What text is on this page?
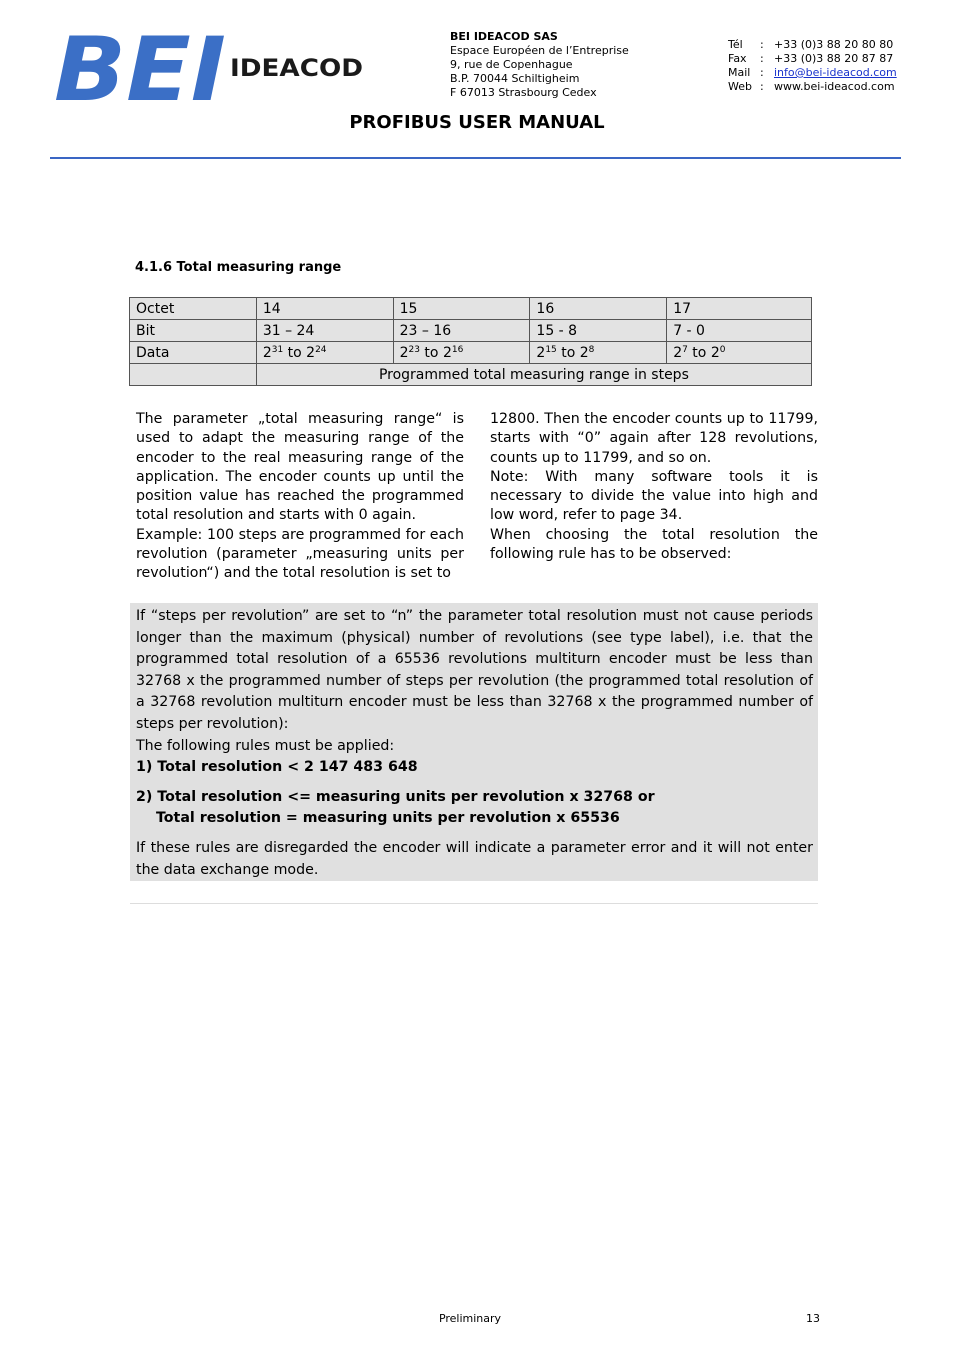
BEI IDEACOD
BEI IDEACOD SAS
Espace Européen de l’Entreprise
9, rue de Copenhague
B.P. 70044 Schiltigheim
F 67013 Strasbourg Cedex
Tél	: +33 (0)3 88 20 80 80
Fax	: +33 (0)3 88 20 87 87
Mail : info@bei-ideacod.com
Web : www.bei-ideacod.com
PROFIBUS USER MANUAL
4.1.6 Total measuring range
Octet	14	15	16	17
Bit	31 – 24	23 – 16	15 - 8	7 - 0
Data	$2^{31}$ to $2^{24}$	$2^{23}$ to $2^{16}$	$2^{15}$ to $2^8$	$2^7$ to $2^0$
	Programmed total measuring range in steps			

The parameter „total measuring range“ is used to adapt the measuring range of the encoder to the real measuring range of the application. The encoder counts up until the position value has reached the programmed total resolution and starts with 0 again.

Example: 100 steps are programmed for each revolution (parameter „measuring units per revolution“) and the total resolution is set to

12800. Then the encoder counts up to 11799, starts with “0” again after 128 revolutions, counts up to 11799, and so on.

Note: With many software tools it is necessary to divide the value into high and low word, refer to page 34.

When choosing the total resolution the following rule has to be observed:

If “steps per revolution” are set to “n” the parameter total resolution must not cause periods longer than the maximum (physical) number of revolutions (see type label), i.e. that the programmed total resolution of a 65536 revolutions multiturn encoder must be less than 32768 x the programmed number of steps per revolution (the programmed total resolution of a 32768 revolution multiturn encoder must be less than 32768 x the programmed number of steps per revolution):

The following rules must be applied:

1) Total resolution < 2 147 483 648

2) Total resolution <= measuring units per revolution x 32768 or

Total resolution = measuring units per revolution x 65536

If these rules are disregarded the encoder will indicate a parameter error and it will not enter the data exchange mode.

Preliminary	13
